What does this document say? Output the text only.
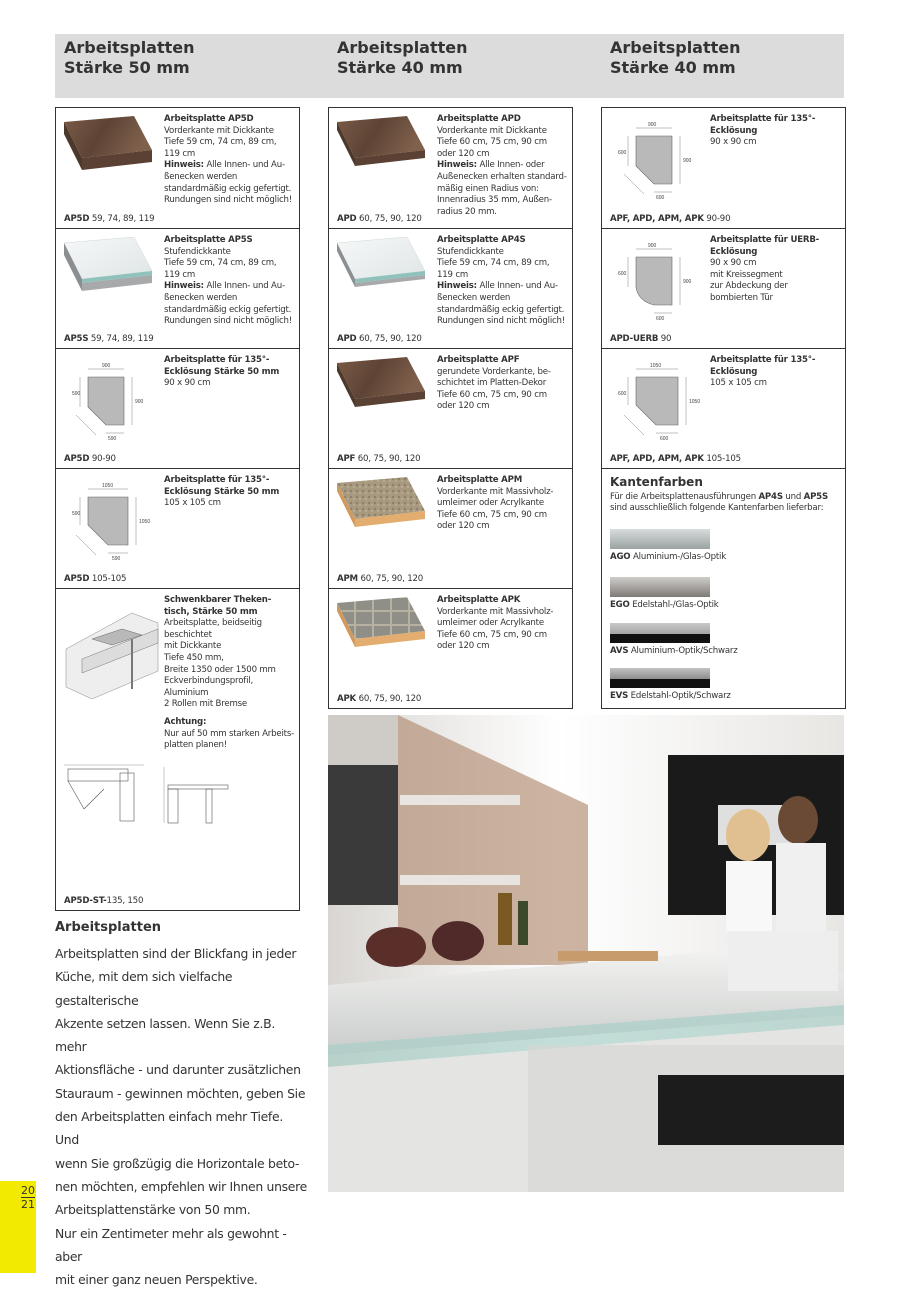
Arbeitsplatten
Stärke 50 mm
Arbeitsplatten
Stärke 40 mm
Arbeitsplatten
Stärke 40 mm
Arbeitsplatte AP5D

Vorderkante mit Dickkante

Tiefe 59 cm, 74 cm, 89 cm,

119 cm

Hinweis: Alle Innen- und Au-ßenecken werden standardmäßig eckig gefertigt. Rundungen sind nicht möglich!

AP5D 59, 74, 89, 119
Arbeitsplatte AP5S

Stufendickkante

Tiefe 59 cm, 74 cm, 89 cm,

119 cm

Hinweis: Alle Innen- und Au-ßenecken werden standardmäßig eckig gefertigt. Rundungen sind nicht möglich!

AP5S 59, 74, 89, 119
900
590
900
590
Arbeitsplatte für 135°-Ecklösung Stärke 50 mm

90 x 90 cm

AP5D 90-90
1050
590
1050
590
Arbeitsplatte für 135°-Ecklösung Stärke 50 mm

105 x 105 cm

AP5D 105-105
Schwenkbarer Theken-tisch, Stärke 50 mm

Arbeitsplatte, beidseitig

beschichtet

mit Dickkante

Tiefe 450 mm,

Breite 1350 oder 1500 mm

Eckverbindungsprofil, Aluminium

2 Rollen mit Bremse

Achtung:

Nur auf 50 mm starken Arbeits-platten planen!

AP5D-ST-135, 150
Arbeitsplatte APD

Vorderkante mit Dickkante

Tiefe 60 cm, 75 cm, 90 cm

oder 120 cm

Hinweis: Alle Innen- oder Außenecken erhalten standard-mäßig einen Radius von: Innenradius 35 mm, Außen-radius 20 mm.

APD 60, 75, 90, 120
Arbeitsplatte AP4S

Stufendickkante

Tiefe 59 cm, 74 cm, 89 cm,

119 cm

Hinweis: Alle Innen- und Au-ßenecken werden standardmäßig eckig gefertigt. Rundungen sind nicht möglich!

APD 60, 75, 90, 120
Arbeitsplatte APF

gerundete Vorderkante, be-

schichtet im Platten-Dekor

Tiefe 60 cm, 75 cm, 90 cm

oder 120 cm

APF 60, 75, 90, 120
Arbeitsplatte APM

Vorderkante mit Massivholz-

umleimer oder Acrylkante

Tiefe 60 cm, 75 cm, 90 cm

oder 120 cm

APM 60, 75, 90, 120
Arbeitsplatte APK

Vorderkante mit Massivholz-

umleimer oder Acrylkante

Tiefe 60 cm, 75 cm, 90 cm

oder 120 cm

APK 60, 75, 90, 120
900
600
900
600
Arbeitsplatte für 135°-Ecklösung

90 x 90 cm

APF, APD, APM, APK 90-90
900
600
900
600
Arbeitsplatte für UERB-Ecklösung

90 x 90 cm

mit Kreissegment

zur Abdeckung der

bombierten Tür

APD-UERB 90
1050
600
1050
600
Arbeitsplatte für 135°-Ecklösung

105 x 105 cm

APF, APD, APM, APK 105-105
Kantenfarben
Für die Arbeitsplattenausführungen AP4S und AP5S sind ausschließlich folgende Kantenfarben lieferbar:
AGO Aluminium-/Glas-Optik
EGO Edelstahl-/Glas-Optik
AVS Aluminium-Optik/Schwarz
EVS Edelstahl-Optik/Schwarz
Arbeitsplatten
Arbeitsplatten sind der Blickfang in jeder
Küche, mit dem sich vielfache gestalterische
Akzente setzen lassen. Wenn Sie z.B. mehr
Aktionsfläche - und darunter zusätzlichen
Stauraum - gewinnen möchten, geben Sie
den Arbeitsplatten einfach mehr Tiefe. Und
wenn Sie großzügig die Horizontale beto-
nen möchten, empfehlen wir Ihnen unsere
Arbeitsplattenstärke von 50 mm.
Nur ein Zentimeter mehr als gewohnt - aber
mit einer ganz neuen Perspektive.
20
21
